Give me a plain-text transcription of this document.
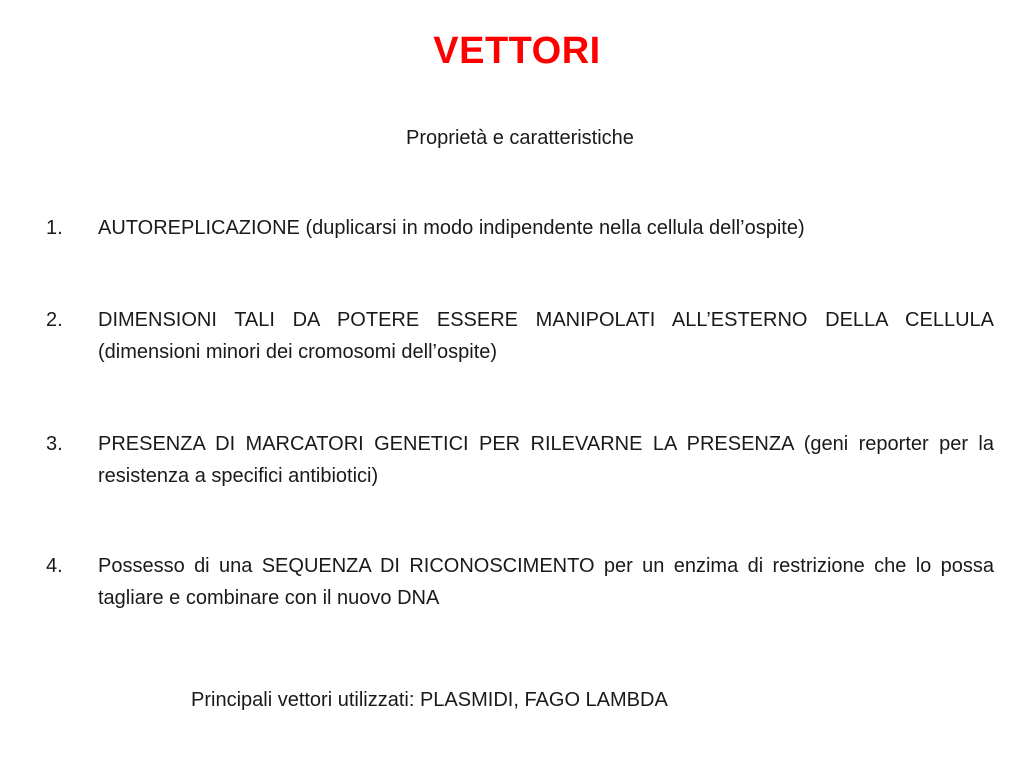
VETTORI
Proprietà e caratteristiche
1. AUTOREPLICAZIONE (duplicarsi in modo indipendente nella cellula dell’ospite)
2. DIMENSIONI TALI DA POTERE ESSERE MANIPOLATI ALL’ESTERNO DELLA CELLULA (dimensioni minori dei cromosomi dell’ospite)
3. PRESENZA DI MARCATORI GENETICI PER RILEVARNE LA PRESENZA (geni reporter per la resistenza a specifici antibiotici)
4. Possesso di una SEQUENZA DI RICONOSCIMENTO per un enzima di restrizione che lo possa tagliare e combinare con il nuovo DNA
Principali vettori utilizzati: PLASMIDI, FAGO LAMBDA
